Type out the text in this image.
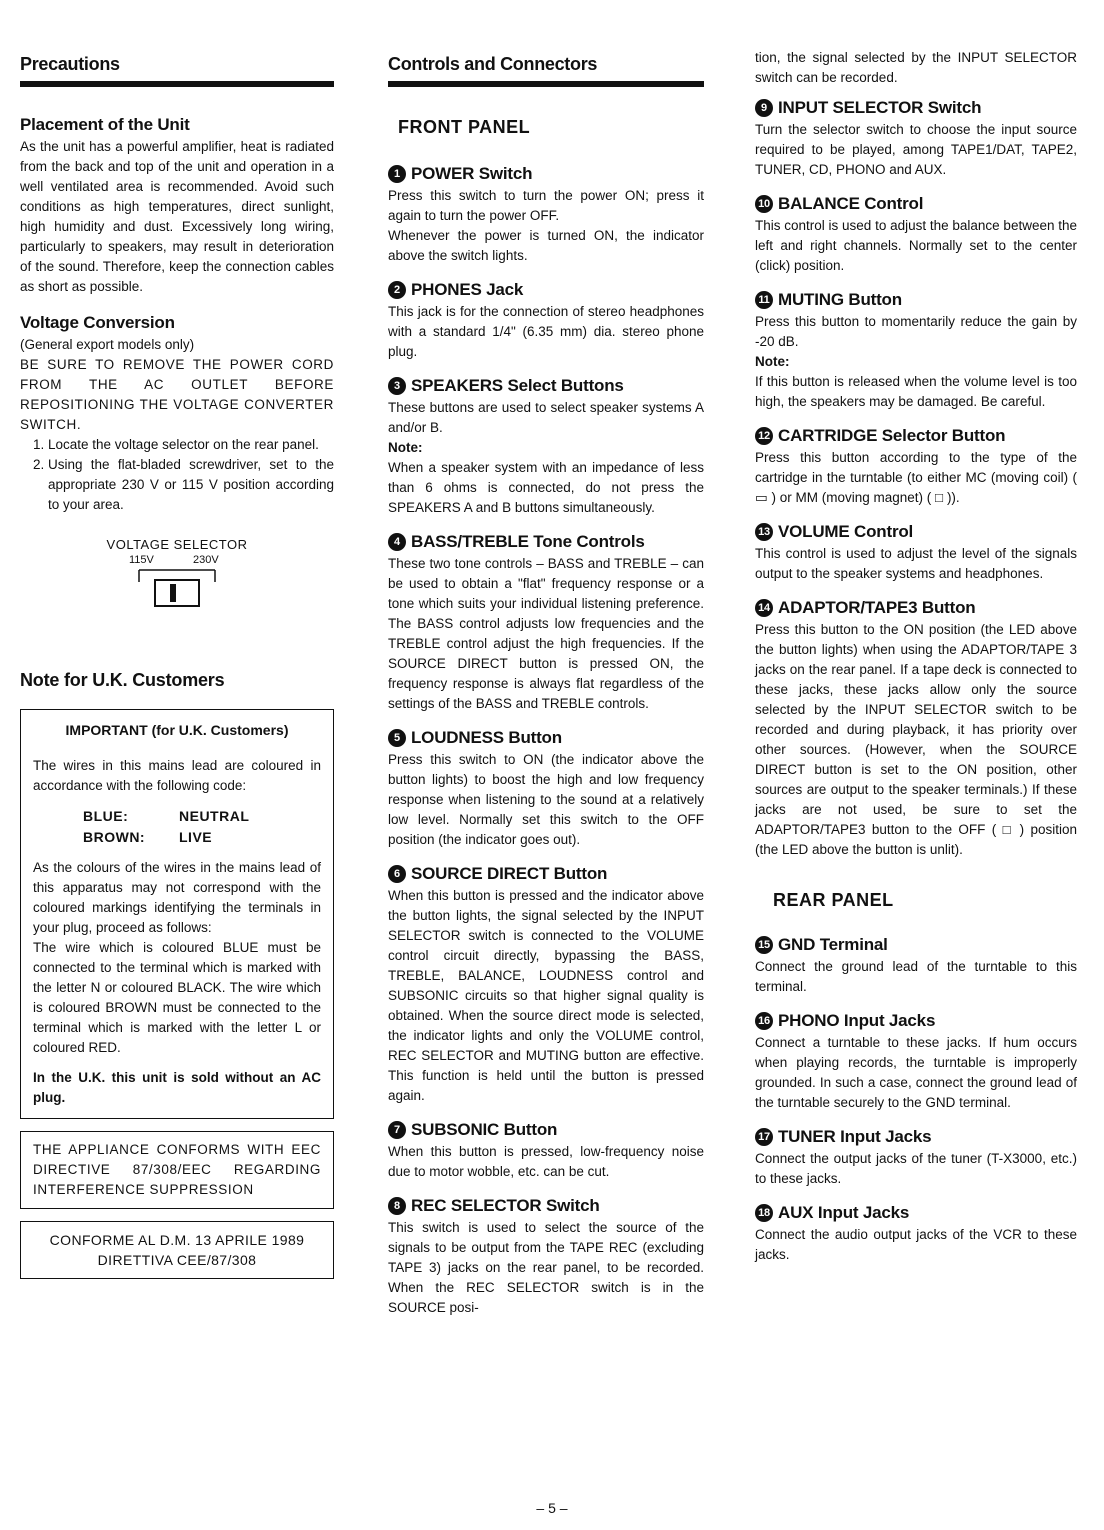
Precautions
Placement of the Unit

As the unit has a powerful amplifier, heat is radiated from the back and top of the unit and operation in a well ventilated area is recommended. Avoid such conditions as high temperatures, direct sunlight, high humidity and dust. Excessively long wiring, particularly to speakers, may result in deterioration of the sound. Therefore, keep the connection cables as short as possible.

Voltage Conversion

(General export models only)

BE SURE TO REMOVE THE POWER CORD FROM THE AC OUTLET BEFORE REPOSITIONING THE VOLTAGE CONVERTER SWITCH.

1. Locate the voltage selector on the rear panel.
2. Using the flat-bladed screwdriver, set to the appropriate 230 V or 115 V position according to your area.
VOLTAGE SELECTOR
115V	230V
Note for U.K. Customers
IMPORTANT (for U.K. Customers)

The wires in this mains lead are coloured in accordance with the following code:

BLUE:	NEUTRAL
BROWN: LIVE

As the colours of the wires in the mains lead of this apparatus may not correspond with the coloured markings identifying the terminals in your plug, proceed as follows:

The wire which is coloured BLUE must be connected to the terminal which is marked with the letter N or coloured BLACK. The wire which is coloured BROWN must be connected to the terminal which is marked with the letter L or coloured RED.

In the U.K. this unit is sold without an AC plug.

THE APPLIANCE CONFORMS WITH EEC DIRECTIVE 87/308/EEC REGARDING INTERFERENCE SUPPRESSION

CONFORME AL D.M. 13 APRILE 1989
DIRETTIVA CEE/87/308
Controls and Connectors
FRONT PANEL
1 POWER Switch

Press this switch to turn the power ON; press it again to turn the power OFF.

Whenever the power is turned ON, the indicator above the switch lights.

2 PHONES Jack

This jack is for the connection of stereo headphones with a standard 1/4" (6.35 mm) dia. stereo phone plug.

3 SPEAKERS Select Buttons

These buttons are used to select speaker systems A and/or B.

Note:

When a speaker system with an impedance of less than 6 ohms is connected, do not press the SPEAKERS A and B buttons simultaneously.

4 BASS/TREBLE Tone Controls

These two tone controls – BASS and TREBLE – can be used to obtain a "flat" frequency response or a tone which suits your individual listening preference. The BASS control adjusts low frequencies and the TREBLE control adjust the high frequencies. If the SOURCE DIRECT button is pressed ON, the frequency response is always flat regardless of the settings of the BASS and TREBLE controls.

5 LOUDNESS Button

Press this switch to ON (the indicator above the button lights) to boost the high and low frequency response when listening to the sound at a relatively low level. Normally set this switch to the OFF position (the indicator goes out).

6 SOURCE DIRECT Button

When this button is pressed and the indicator above the button lights, the signal selected by the INPUT SELECTOR switch is connected to the VOLUME control circuit directly, bypassing the BASS, TREBLE, BALANCE, LOUDNESS control and SUBSONIC circuits so that higher signal quality is obtained. When the source direct mode is selected, the indicator lights and only the VOLUME control, REC SELECTOR and MUTING button are effective. This function is held until the button is pressed again.

7 SUBSONIC Button

When this button is pressed, low-frequency noise due to motor wobble, etc. can be cut.

8 REC SELECTOR Switch

This switch is used to select the source of the signals to be output from the TAPE REC (excluding TAPE 3) jacks on the rear panel, to be recorded. When the REC SELECTOR switch is in the SOURCE posi-

tion, the signal selected by the INPUT SELECTOR switch can be recorded.

9 INPUT SELECTOR Switch

Turn the selector switch to choose the input source required to be played, among TAPE1/DAT, TAPE2, TUNER, CD, PHONO and AUX.

10 BALANCE Control

This control is used to adjust the balance between the left and right channels. Normally set to the center (click) position.

11 MUTING Button

Press this button to momentarily reduce the gain by -20 dB.

Note:

If this button is released when the volume level is too high, the speakers may be damaged. Be careful.

12 CARTRIDGE Selector Button

Press this button according to the type of the cartridge in the turntable (to either MC (moving coil) ( ▭ ) or MM (moving magnet) ( □ )).

13 VOLUME Control

This control is used to adjust the level of the signals output to the speaker systems and headphones.

14 ADAPTOR/TAPE3 Button

Press this button to the ON position (the LED above the button lights) when using the ADAPTOR/TAPE 3 jacks on the rear panel. If a tape deck is connected to these jacks, these jacks allow only the source selected by the INPUT SELECTOR switch to be recorded and during playback, it has priority over other sources. (However, when the SOURCE DIRECT button is set to the ON position, other sources are output to the speaker terminals.) If these jacks are not used, be sure to set the ADAPTOR/TAPE3 button to the OFF ( □ ) position (the LED above the button is unlit).

REAR PANEL
15 GND Terminal

Connect the ground lead of the turntable to this terminal.

16 PHONO Input Jacks

Connect a turntable to these jacks. If hum occurs when playing records, the turntable is improperly grounded. In such a case, connect the ground lead of the turntable securely to the GND terminal.

17 TUNER Input Jacks

Connect the output jacks of the tuner (T-X3000, etc.) to these jacks.

18 AUX Input Jacks

Connect the audio output jacks of the VCR to these jacks.

– 5 –
